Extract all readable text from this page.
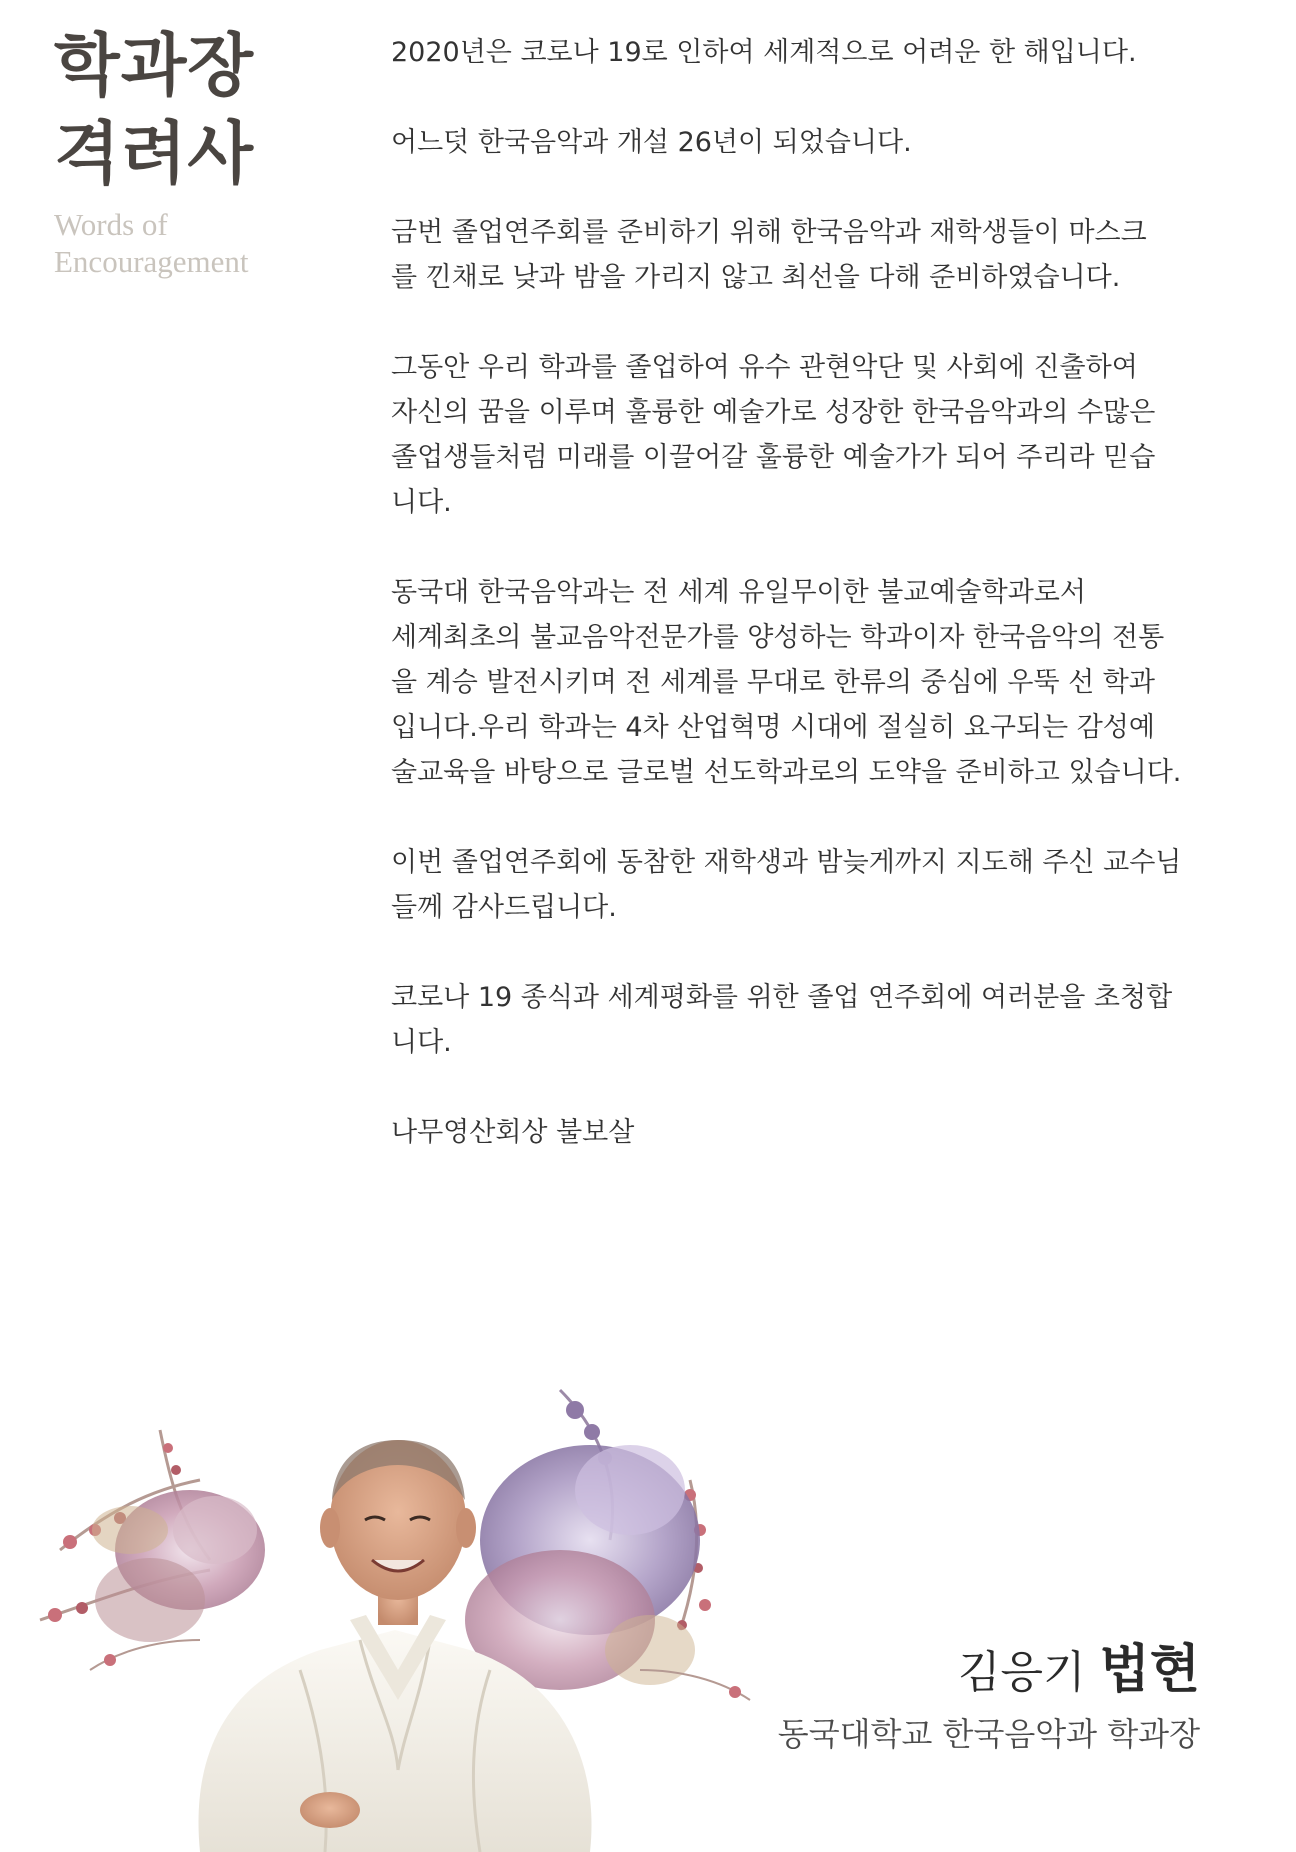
학과장
격려사
Words of
Encouragement

2020년은 코로나 19로 인하여 세계적으로 어려운 한 해입니다.

어느덧 한국음악과 개설 26년이 되었습니다.

금번 졸업연주회를 준비하기 위해 한국음악과 재학생들이 마스크
를 낀채로 낮과 밤을 가리지 않고 최선을 다해 준비하였습니다.

그동안 우리 학과를 졸업하여 유수 관현악단 및 사회에 진출하여
자신의 꿈을 이루며 훌륭한 예술가로 성장한 한국음악과의 수많은
졸업생들처럼 미래를 이끌어갈 훌륭한 예술가가 되어 주리라 믿습
니다.

동국대 한국음악과는 전 세계 유일무이한 불교예술학과로서
세계최초의 불교음악전문가를 양성하는 학과이자 한국음악의 전통
을 계승 발전시키며 전 세계를 무대로 한류의 중심에 우뚝 선 학과
입니다.우리 학과는 4차 산업혁명 시대에 절실히 요구되는 감성예
술교육을 바탕으로 글로벌 선도학과로의 도약을 준비하고 있습니다.

이번 졸업연주회에 동참한 재학생과 밤늦게까지 지도해 주신 교수님
들께 감사드립니다.

코로나 19 종식과 세계평화를 위한 졸업 연주회에 여러분을 초청합
니다.

나무영산회상 불보살

김응기 법현
동국대학교 한국음악과 학과장
